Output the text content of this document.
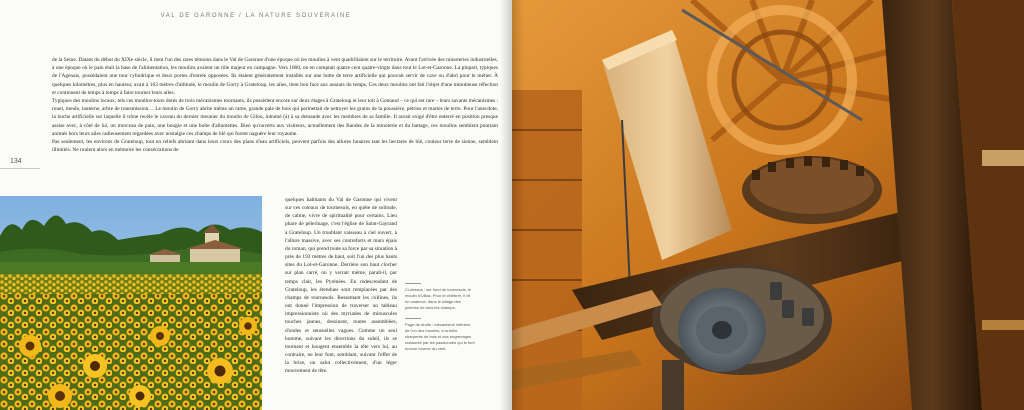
VAL DE GARONNE / LA NATURE SOUVERAINE

de la Seine. Datant du début du XIXe siècle, il tient l'un des rares témoins dans le Val de Garonne d'une époque où les moulins à vent quadrillaient sur le territoire. Avant l'arrivée des minoteries industrielles, à une époque où le pain était la base de l'alimentation, les moulins avaient un rôle majeur en campagne. Vers 1800, on en comptait quatre cent quatre-vingts dans tout le Lot-et-Garonne. La plupart, typiques de l'Agenais, possédaient une tour cylindrique et deux portes d'entrée opposées. Ils étaient généralement installés sur une butte de terre artificielle qui pouvait servir de cave ou d'abri pour le métier. À quelques kilomètres, plus en hauteur, avait à 163 mètres d'altitude, le moulin de Gorry à Grateloup, les ailes, tient bon face aux assauts du temps. Ces deux moulins ont fait l'objet d'une minutieuse réfection et continuent de temps à temps à faire tourner leurs ailes.

Typiques des moulins locaux, tels ces moulins-tours dotés de trois mécanismes tournants, ils possèdent encore sur deux étages à Grateloup et leur toit à Gontaud – ce qui est rare – leurs savants mécanismes : rouet, meule, lanterne, arbre de transmission… Le moulin de Gorry abrite même un rame, grande pale de bois qui permettait de nettoyer les grains de la poussière, pétrins et martes de terre. Pour l'anecdote, la huche artificielle sur laquelle il trône recèle le caveau du dernier meunier du moulin de Gilou, inhumé (à) à sa demande avec les membres de sa famille. Il aurait exigé d'être enterré en position presque assise avec, à côté de lui, un morceau de pain, une bougie et une boîte d'allumettes. Bien qu'ouverts aux visiteurs, actuellement des Bandes de la minoterie et du battage, ces moulins semblent pourtant animés hors leurs ailes radieusement regardées avec nostalgie ces champs de blé qui furent naguère leur royaume.

Pas seulement, les environs de Grateloup, tout en reliefs abritant dans leurs creux des plans d'eau artificiels, peuvent parfois des allures lunaires tant les hectares de blé, couleur terre de sienne, semblent illimités. Ne roulent alors en mémoire les consécrations de

134
quelques habitants du Val de Garonne qui vivent sur ces coteaux de tournesols, en quête de solitude, de calme, vivre de spiritualité pour certains. Lieu phare de pèlerinage, c'est l'église de Saint-Gayrand à Grateloup. Un troublant vaisseau à ciel ouvert, à l'allure massive, avec ses contreforts et murs épais du roman, qui prend toute sa force par sa situation à près de 193 mètres de haut, soit l'un des plus hauts sites du Lot-et-Garonne. Derrière son haut clocher sur plan carré, on y verrait même, paraît-il, par temps clair, les Pyrénées. En redescendant de Grateloup, les étendues sont remplacées par des champs de tournesols. Ressemant les collines, ils ont donné l'impression de traverser un tableau impressionniste où des myriades de minuscules touches jaunes, dessinent, toutes assemblées, d'ondes et sensuelles vagues. Comme un seul homme, suivant les directions du soleil, ils se tournent et bougent ensemble la tête vers lui, au contraire, ne leur font, semblant, suivant l'effet de la brise, un salut collectivement, d'un léger mouvement de tête.

Ci-dessus : sur fond de tournesols, le moulin d'Ulliac. Pour le célébrer, il vit en cadence, dans le sillage des pelerins de tous les champs.

Page de droite : mécanisme intérieur de l'un des moulins, à la belle charpente de bois et aux engrenages restaurés par les passionnés qui le font encore tourner au vent.
